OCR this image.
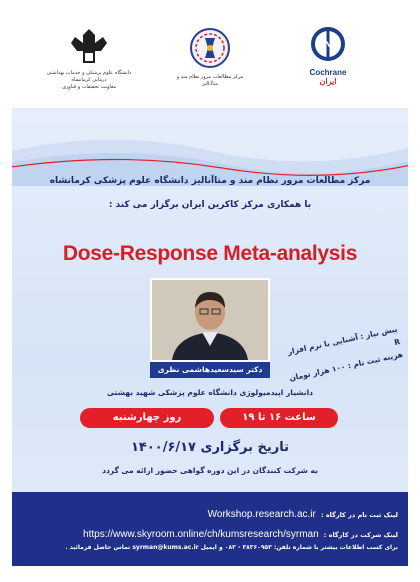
Cochrane
ایران
مرکز مطالعات مرور نظام مند و متاآنالیز
دانشگاه علوم پزشکی و خدمات بهداشتی درمانی کرمانشاه
معاونت تحقیقات و فناوری
مرکز مطالعات مرور نظام مند و متاآنالیز دانشگاه علوم پزشکی کرمانشاه
با همکاری مرکز کاکرین ایران برگزار می کند :
Dose-Response Meta-analysis
دکتر سیدسعیدهاشمی نظری
پیش نیاز : آشنایی با نرم افزار R
هزینه ثبت نام : ۱۰۰ هزار تومان
دانشیار اپیدمیولوژی دانشگاه علوم پزشکی شهید بهشتی
ساعت ۱۶ تا ۱۹
روز چهارشنبه
تاریخ برگزاری ۱۴۰۰/۶/۱۷
به شرکت کنندگان در این دوره گواهی حضور ارائه می گردد
لینک ثبت نام در کارگاه : Workshop.research.ac.ir
لینک شرکت در کارگاه : https://www.skyroom.online/ch/kumsresearch/syrman
برای کسب اطلاعات بیشتر با شماره تلفن: ۳۸۳۶۰۹۵۳ - ۰۸۳ و ایمیل syrman@kums.ac.ir تماس حاصل فرمائید .
